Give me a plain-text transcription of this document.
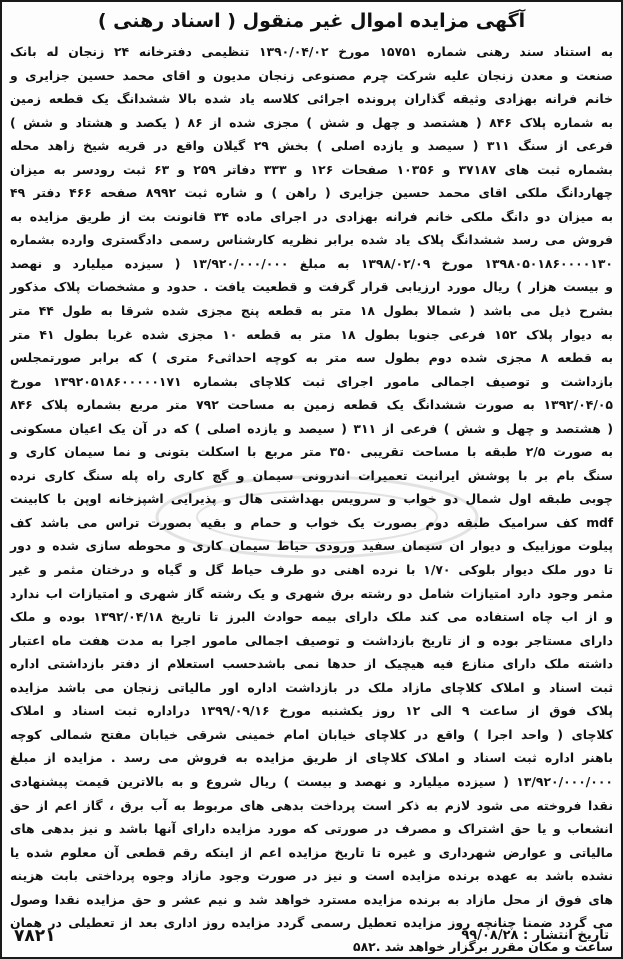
آگهی مزایده اموال غیر منقول ( اسناد رهنی )
به استناد سند رهنی شماره ۱۵۷۵۱ مورخ ۱۳۹۰/۰۴/۰۲ تنظیمی دفترخانه ۲۴ زنجان له بانک
صنعت و معدن زنجان علیه شرکت چرم مصنوعی زنجان مدیون و اقای محمد حسین جزایری و
خانم فرانه بهزادی وثیقه گذاران پرونده اجرائی کلاسه یاد شده بالا ششدانگ یک قطعه زمین
به شماره پلاک ۸۴۶ ( هشتصد و چهل و شش ) مجزی شده از ۸۶ ( یکصد و هشتاد و شش )
فرعی از سنگ ۳۱۱ ( سیصد و یازده اصلی ) بخش ۲۹ گیلان واقع در قریه شیخ زاهد محله
بشماره ثبت های ۳۷۱۸۷ و ۱۰۳۵۶ صفحات ۱۲۶ و ۳۳۳ دفاتر ۲۵۹ و ۶۳ ثبت رودسر به میزان
چهاردانگ ملکی اقای محمد حسین جزایری ( راهن ) و شاره ثبت ۸۹۹۲ صفحه ۴۶۶ دفتر ۴۹
به میزان دو دانگ ملکی خانم فرانه بهزادی در اجرای ماده ۳۴ قانونت بت از طریق مزایده به
فروش می رسد ششدانگ پلاک یاد شده برابر نظریه کارشناس رسمی دادگستری وارده بشماره
۱۳۹۸۰۵۰۱۸۶۰۰۰۰۱۳۰ مورخ ۱۳۹۸/۰۲/۰۹ به مبلغ ۱۳/۹۲۰/۰۰۰/۰۰۰ ( سیزده میلیارد و نهصد
و بیست هزار ) ریال مورد ارزیابی قرار گرفت و قطعیت یافت . حدود و مشخصات پلاک مذکور
بشرح ذیل می باشد ( شمالا بطول ۱۸ متر به قطعه پنج مجزی شده شرقا به طول ۴۴ متر
به دیوار پلاک ۱۵۲ فرعی جنوبا بطول ۱۸ متر به قطعه ۱۰ مجزی شده غربا بطول ۴۱ متر
به قطعه ۸ مجزی شده دوم بطول سه متر به کوچه احداثی۶ متری ) که برابر صورتمجلس
بازداشت و توصیف اجمالی مامور اجرای ثبت کلاچای بشماره ۱۳۹۲۰۵۱۸۶۰۰۰۰۰۱۷۱ مورخ
۱۳۹۲/۰۴/۰۵ به صورت ششدانگ یک قطعه زمین به مساحت ۷۹۲ متر مربع بشماره پلاک ۸۴۶
( هشتصد و چهل و شش ) فرعی از ۳۱۱ ( سیصد و یازده اصلی ) که در آن یک اعیان مسکونی
به صورت ۲/۵ طبقه با مساحت تقریبی ۳۵۰ متر مربع با اسکلت بتونی و نما سیمان کاری و
سنگ بام بر با پوشش ایرانیت تعمیرات اندرونی سیمان و گچ کاری راه پله سنگ کاری نرده
چوبی طبقه اول شمال دو خواب و سرویس بهداشتی هال و پذیرایی اشپزخانه اوپن با کابینت
mdf کف سرامیک طبقه دوم بصورت یک خواب و حمام و بقیه بصورت تراس می باشد کف
پیلوت موزاییک و دیوار ان سیمان سفید ورودی حیاط سیمان کاری و محوطه سازی شده و دور
تا دور ملک دیوار بلوکی ۱/۷۰ با نرده اهنی دو طرف حیاط گل و گیاه و درختان مثمر و غیر
مثمر وجود دارد امتیازات شامل دو رشته برق شهری و یک رشته گاز شهری و امتیازات اب ندارد
و از اب چاه استفاده می کند ملک دارای بیمه حوادث البرز تا تاریخ ۱۳۹۲/۰۴/۱۸ بوده و ملک
دارای مستاجر بوده و از تاریخ بازداشت و توصیف اجمالی مامور اجرا به مدت هفت ماه اعتبار
داشته ملک دارای منازع فیه هیچیک از حدها نمی باشدحسب استعلام از دفتر بازداشتی اداره
ثبت اسناد و املاک کلاچای مازاد ملک در بازداشت اداره اور مالیاتی زنجان می باشد مزایده
پلاک فوق از ساعت ۹ الی ۱۲ روز یکشنبه مورخ ۱۳۹۹/۰۹/۱۶ دراداره ثبت اسناد و املاک
کلاچای ( واحد اجرا ) واقع در کلاچای خیابان امام خمینی شرقی خیابان مفتح شمالی کوچه
باهنر اداره ثبت اسناد و املاک کلاچای از طریق مزایده به فروش می رسد . مزایده از مبلغ
۱۳/۹۲۰/۰۰۰/۰۰۰ ( سیزده میلیارد و نهصد و بیست ) ریال شروع و به بالاترین قیمت پیشنهادی
نقدا فروخته می شود لازم به ذکر است پرداخت بدهی های مربوط به آب برق ، گاز اعم از حق
انشعاب و یا حق اشتراک و مصرف در صورتی که مورد مزایده دارای آنها باشد و نیز بدهی های
مالیاتی و عوارض شهرداری و غیره تا تاریخ مزایده اعم از اینکه رقم قطعی آن معلوم شده یا
نشده باشد به عهده برنده مزایده است و نیز در صورت وجود مازاد وجوه پرداختی بابت هزینه
های فوق از محل مازاد به برنده مزایده مسترد خواهد شد و نیم عشر و حق مزایده نقدا وصول
می گردد ضمنا چنانچه روز مزایده تعطیل رسمی گردد مزایده روز اداری بعد از تعطیلی در همان
ساعت و مکان مقرر برگزار خواهد شد .۵۸۲
تاریخ انتشار : ۹۹/۰۸/۲۸
۷۸۲۱
